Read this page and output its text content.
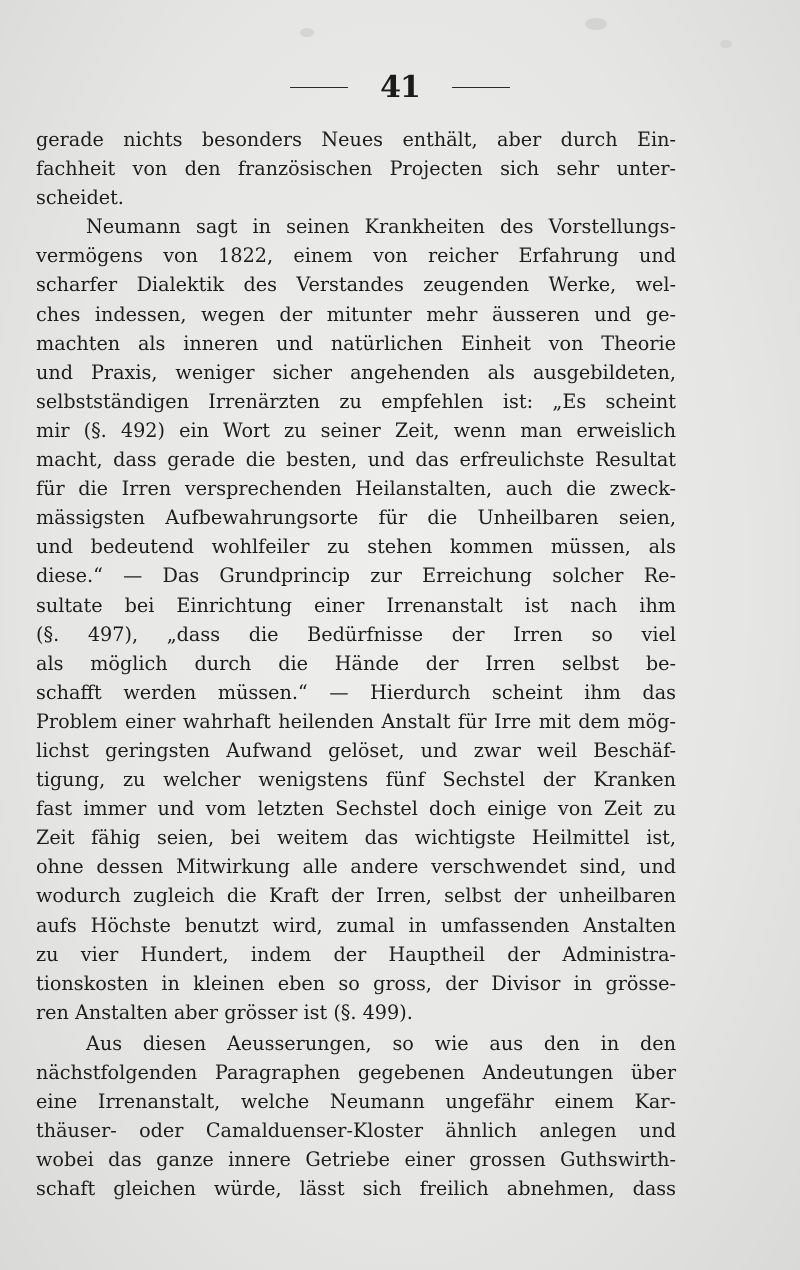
41
gerade nichts besonders Neues enthält, aber durch Ein-
fachheit von den französischen Projecten sich sehr unter-
scheidet.
Neumann sagt in seinen Krankheiten des Vorstellungs-
vermögens von 1822, einem von reicher Erfahrung und
scharfer Dialektik des Verstandes zeugenden Werke, wel-
ches indessen, wegen der mitunter mehr äusseren und ge-
machten als inneren und natürlichen Einheit von Theorie
und Praxis, weniger sicher angehenden als ausgebildeten,
selbstständigen Irrenärzten zu empfehlen ist: „Es scheint
mir (§. 492) ein Wort zu seiner Zeit, wenn man erweislich
macht, dass gerade die besten, und das erfreulichste Resultat
für die Irren versprechenden Heilanstalten, auch die zweck-
mässigsten Aufbewahrungsorte für die Unheilbaren seien,
und bedeutend wohlfeiler zu stehen kommen müssen, als
diese.“ — Das Grundprincip zur Erreichung solcher Re-
sultate bei Einrichtung einer Irrenanstalt ist nach ihm
(§. 497), „dass die Bedürfnisse der Irren so viel
als möglich durch die Hände der Irren selbst be-
schafft werden müssen.“ — Hierdurch scheint ihm das
Problem einer wahrhaft heilenden Anstalt für Irre mit dem mög-
lichst geringsten Aufwand gelöset, und zwar weil Beschäf-
tigung, zu welcher wenigstens fünf Sechstel der Kranken
fast immer und vom letzten Sechstel doch einige von Zeit zu
Zeit fähig seien, bei weitem das wichtigste Heilmittel ist,
ohne dessen Mitwirkung alle andere verschwendet sind, und
wodurch zugleich die Kraft der Irren, selbst der unheilbaren
aufs Höchste benutzt wird, zumal in umfassenden Anstalten
zu vier Hundert, indem der Hauptheil der Administra-
tionskosten in kleinen eben so gross, der Divisor in grösse-
ren Anstalten aber grösser ist (§. 499).
Aus diesen Aeusserungen, so wie aus den in den
nächstfolgenden Paragraphen gegebenen Andeutungen über
eine Irrenanstalt, welche Neumann ungefähr einem Kar-
thäuser- oder Camalduenser-Kloster ähnlich anlegen und
wobei das ganze innere Getriebe einer grossen Guthswirth-
schaft gleichen würde, lässt sich freilich abnehmen, dass
